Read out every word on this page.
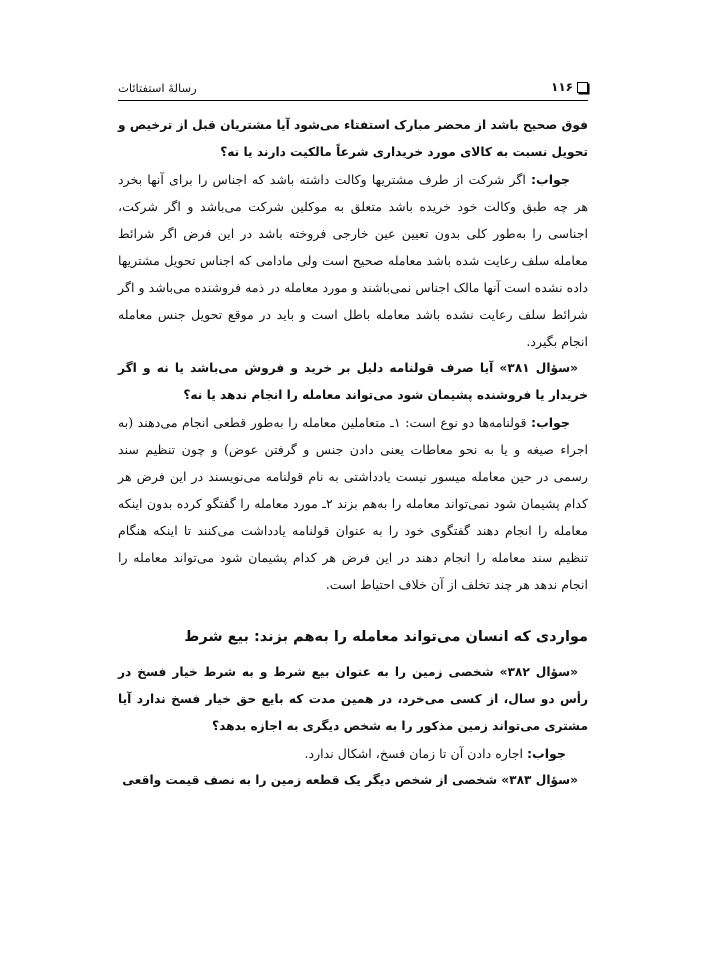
۱۱۶
رسالۀ استفتائات

فوق صحیح باشد از محضر مبارک استفتاء می‌شود آیا مشتریان قبل از ترخیص و تحویل نسبت به کالای مورد خریداری شرعاً مالکیت دارند یا نه؟

جواب: اگر شرکت از طرف مشتریها وکالت داشته باشد که اجناس را برای آنها بخرد هر چه طبق وکالت خود خریده باشد متعلق به موکلین شرکت می‌باشد و اگر شرکت، اجناسی را به‌طور کلی بدون تعیین عین خارجی فروخته باشد در این فرض اگر شرائط معامله سلف رعایت شده باشد معامله صحیح است ولی مادامی که اجناس تحویل مشتریها داده نشده است آنها مالک اجناس نمی‌باشند و مورد معامله در ذمه فروشنده می‌باشد و اگر شرائط سلف رعایت نشده باشد معامله باطل است و باید در موقع تحویل جنس معامله انجام بگیرد.

«سؤال ۳۸۱» آیا صرف قولنامه دلیل بر خرید و فروش می‌باشد یا نه و اگر خریدار یا فروشنده پشیمان شود می‌تواند معامله را انجام ندهد یا نه؟

جواب: قولنامه‌ها دو نوع است: ۱ـ متعاملین معامله را به‌طور قطعی انجام می‌دهند (به اجراء صیغه و یا به نحو معاطات یعنی دادن جنس و گرفتن عوض) و چون تنظیم سند رسمی در حین معامله میسور نیست یادداشتی به نام قولنامه می‌نویسند در این فرض هر کدام پشیمان شود نمی‌تواند معامله را به‌هم بزند ۲ـ مورد معامله را گفتگو کرده بدون اینکه معامله را انجام دهند گفتگوی خود را به عنوان قولنامه یادداشت می‌کنند تا اینکه هنگام تنظیم سند معامله را انجام دهند در این فرض هر کدام پشیمان شود می‌تواند معامله را انجام ندهد هر چند تخلف از آن خلاف احتیاط است.

مواردی که انسان می‌تواند معامله را به‌هم بزند: بیع شرط

«سؤال ۳۸۲» شخصی زمین را به عنوان بیع شرط و به شرط خیار فسخ در رأس دو سال، از کسی می‌خرد، در همین مدت که بایع حق خیار فسخ ندارد آیا مشتری می‌تواند زمین مذکور را به شخص دیگری به اجازه بدهد؟

جواب: اجاره دادن آن تا زمان فسخ، اشکال ندارد.

«سؤال ۳۸۳» شخصی از شخص دیگر یک قطعه زمین را به نصف قیمت واقعی
